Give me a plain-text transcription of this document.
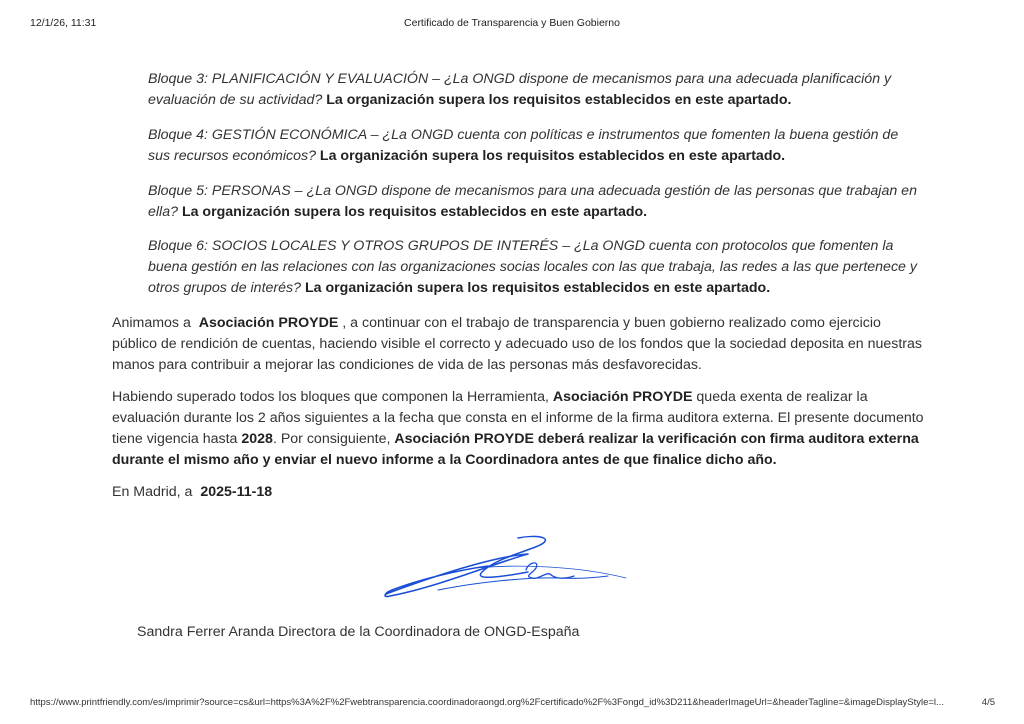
12/1/26, 11:31	Certificado de Transparencia y Buen Gobierno
Bloque 3: PLANIFICACIÓN Y EVALUACIÓN – ¿La ONGD dispone de mecanismos para una adecuada planificación y evaluación de su actividad? La organización supera los requisitos establecidos en este apartado.
Bloque 4: GESTIÓN ECONÓMICA – ¿La ONGD cuenta con políticas e instrumentos que fomenten la buena gestión de sus recursos económicos? La organización supera los requisitos establecidos en este apartado.
Bloque 5: PERSONAS – ¿La ONGD dispone de mecanismos para una adecuada gestión de las personas que trabajan en ella? La organización supera los requisitos establecidos en este apartado.
Bloque 6: SOCIOS LOCALES Y OTROS GRUPOS DE INTERÉS – ¿La ONGD cuenta con protocolos que fomenten la buena gestión en las relaciones con las organizaciones socias locales con las que trabaja, las redes a las que pertenece y otros grupos de interés? La organización supera los requisitos establecidos en este apartado.
Animamos a Asociación PROYDE , a continuar con el trabajo de transparencia y buen gobierno realizado como ejercicio público de rendición de cuentas, haciendo visible el correcto y adecuado uso de los fondos que la sociedad deposita en nuestras manos para contribuir a mejorar las condiciones de vida de las personas más desfavorecidas.
Habiendo superado todos los bloques que componen la Herramienta, Asociación PROYDE queda exenta de realizar la evaluación durante los 2 años siguientes a la fecha que consta en el informe de la firma auditora externa. El presente documento tiene vigencia hasta 2028. Por consiguiente, Asociación PROYDE deberá realizar la verificación con firma auditora externa durante el mismo año y enviar el nuevo informe a la Coordinadora antes de que finalice dicho año.
En Madrid, a 2025-11-18
Sandra Ferrer Aranda Directora de la Coordinadora de ONGD-España
https://www.printfriendly.com/es/imprimir?source=cs&url=https%3A%2F%2Fwebtransparencia.coordinadoraongd.org%2Fcertificado%2F%3Fongd_id%3D211&headerImageUrl=&headerTagline=&imageDisplayStyle=l...	4/5
